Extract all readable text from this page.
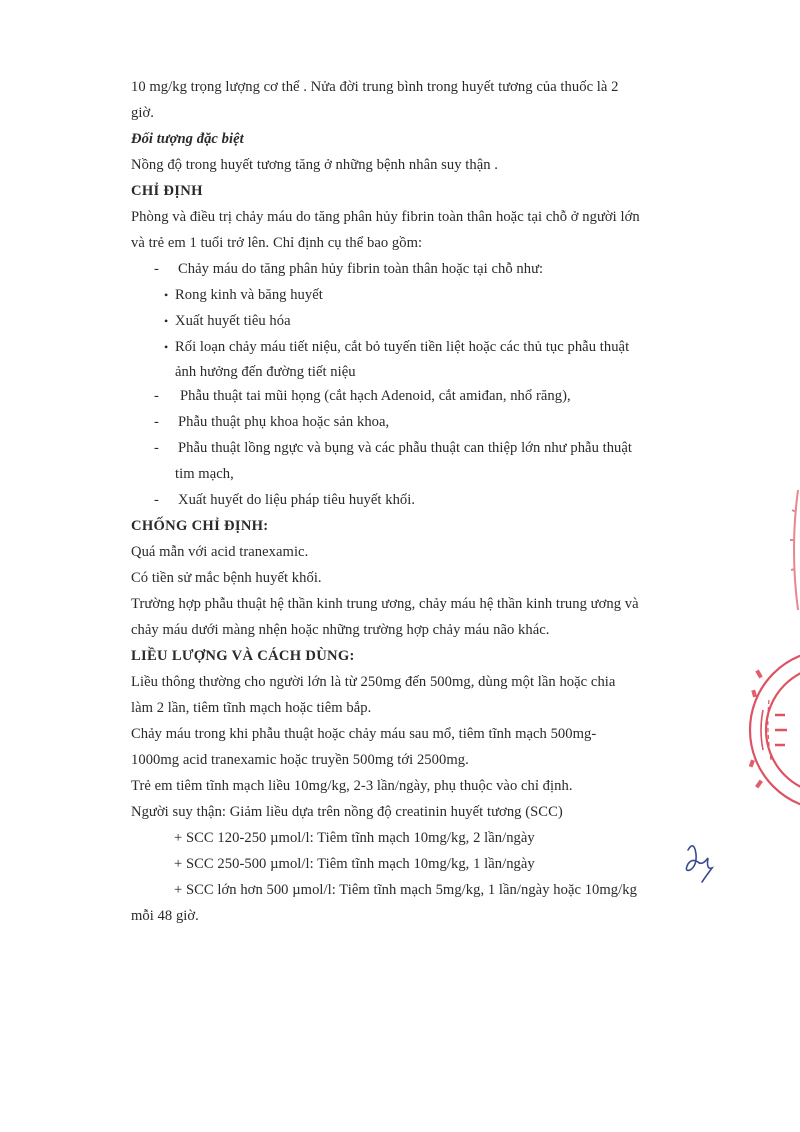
10 mg/kg trọng lượng cơ thể . Nửa đời trung bình trong huyết tương của thuốc là 2
giờ.
Đối tượng đặc biệt
Nồng độ trong huyết tương tăng ở những bệnh nhân suy thận .
CHỈ ĐỊNH
Phòng và điều trị chảy máu do tăng phân hủy fibrin toàn thân hoặc tại chỗ ở người lớn
và trẻ em 1 tuổi trở lên. Chỉ định cụ thể bao gồm:
- Chảy máu do tăng phân hủy fibrin toàn thân hoặc tại chỗ như:
• Rong kinh và băng huyết
• Xuất huyết tiêu hóa
• Rối loạn chảy máu tiết niệu, cắt bỏ tuyến tiền liệt hoặc các thủ tục phẫu thuật
ảnh hưởng đến đường tiết niệu
- Phẫu thuật tai mũi họng (cắt hạch Adenoid, cắt amiđan, nhổ răng),
- Phẫu thuật phụ khoa hoặc sản khoa,
- Phẫu thuật lồng ngực và bụng và các phẫu thuật can thiệp lớn như phẫu thuật
tim mạch,
- Xuất huyết do liệu pháp tiêu huyết khối.
CHỐNG CHỈ ĐỊNH:
Quá mẫn với acid tranexamic.
Có tiền sử mắc bệnh huyết khối.
Trường hợp phẫu thuật hệ thần kinh trung ương, chảy máu hệ thần kinh trung ương và
chảy máu dưới màng nhện hoặc những trường hợp chảy máu não khác.
LIỀU LƯỢNG VÀ CÁCH DÙNG:
Liều thông thường cho người lớn là từ 250mg đến 500mg, dùng một lần hoặc chia
làm 2 lần, tiêm tĩnh mạch hoặc tiêm bắp.
Chảy máu trong khi phẫu thuật hoặc chảy máu sau mổ, tiêm tĩnh mạch 500mg-
1000mg acid tranexamic hoặc truyền 500mg tới 2500mg.
Trẻ em tiêm tĩnh mạch liều 10mg/kg, 2-3 lần/ngày, phụ thuộc vào chỉ định.
Người suy thận: Giảm liều dựa trên nồng độ creatinin huyết tương (SCC)
+ SCC 120-250 µmol/l: Tiêm tĩnh mạch 10mg/kg, 2 lần/ngày
+ SCC 250-500 µmol/l: Tiêm tĩnh mạch 10mg/kg, 1 lần/ngày
+ SCC lớn hơn 500 µmol/l: Tiêm tĩnh mạch 5mg/kg, 1 lần/ngày hoặc 10mg/kg
mỗi 48 giờ.
